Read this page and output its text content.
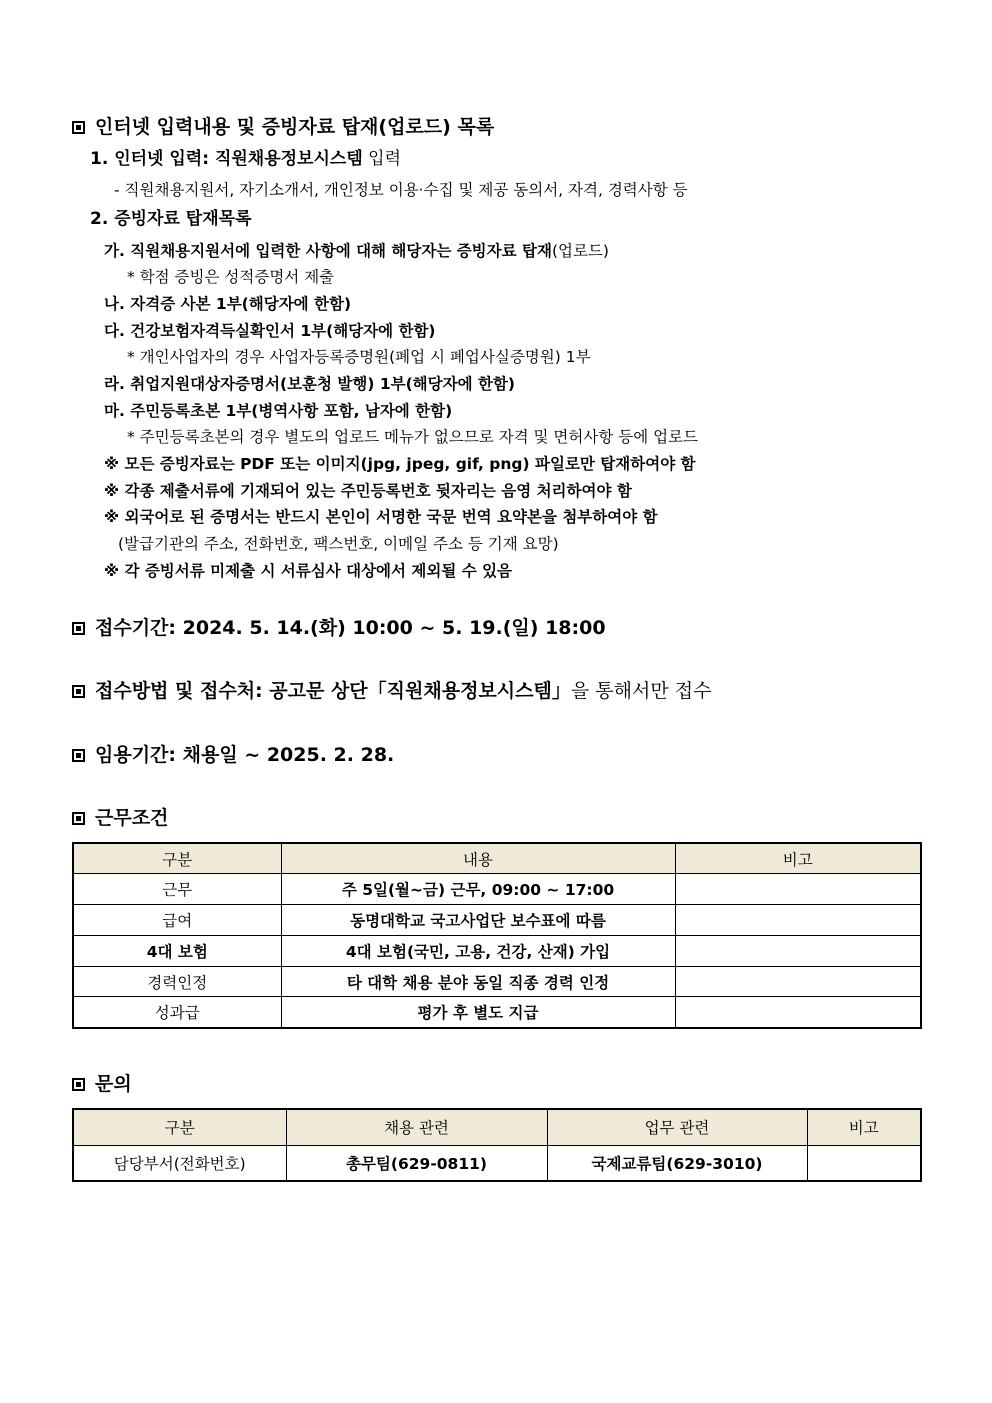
인터넷 입력내용 및 증빙자료 탑재(업로드) 목록
1. 인터넷 입력: 직원채용정보시스템 입력
- 직원채용지원서, 자기소개서, 개인정보 이용·수집 및 제공 동의서, 자격, 경력사항 등
2. 증빙자료 탑재목록
가. 직원채용지원서에 입력한 사항에 대해 해당자는 증빙자료 탑재(업로드)
* 학점 증빙은 성적증명서 제출
나. 자격증 사본 1부(해당자에 한함)
다. 건강보험자격득실확인서 1부(해당자에 한함)
* 개인사업자의 경우 사업자등록증명원(폐업 시 폐업사실증명원) 1부
라. 취업지원대상자증명서(보훈청 발행) 1부(해당자에 한함)
마. 주민등록초본 1부(병역사항 포함, 남자에 한함)
* 주민등록초본의 경우 별도의 업로드 메뉴가 없으므로 자격 및 면허사항 등에 업로드
※ 모든 증빙자료는 PDF 또는 이미지(jpg, jpeg, gif, png) 파일로만 탑재하여야 함
※ 각종 제출서류에 기재되어 있는 주민등록번호 뒷자리는 음영 처리하여야 함
※ 외국어로 된 증명서는 반드시 본인이 서명한 국문 번역 요약본을 첨부하여야 함
(발급기관의 주소, 전화번호, 팩스번호, 이메일 주소 등 기재 요망)
※ 각 증빙서류 미제출 시 서류심사 대상에서 제외될 수 있음
접수기간: 2024. 5. 14.(화) 10:00 ~ 5. 19.(일) 18:00
접수방법 및 접수처: 공고문 상단「직원채용정보시스템」을 통해서만 접수
임용기간: 채용일 ~ 2025. 2. 28.
근무조건
구분	내용	비고
근무	주 5일(월~금) 근무, 09:00 ~ 17:00	
급여	동명대학교 국고사업단 보수표에 따름	
4대 보험	4대 보험(국민, 고용, 건강, 산재) 가입	
경력인정	타 대학 채용 분야 동일 직종 경력 인정	
성과급	평가 후 별도 지급	
문의
구분	채용 관련	업무 관련	비고
담당부서(전화번호)	총무팀(629-0811)	국제교류팀(629-3010)	
